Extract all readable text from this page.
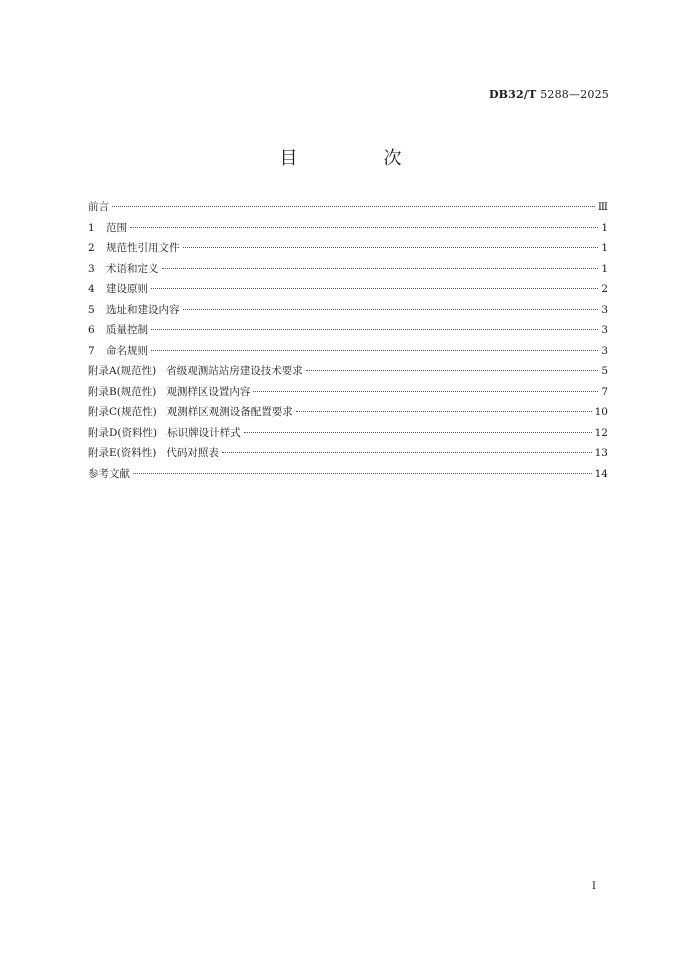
DB32/T 5288—2025
目　次
前言	Ⅲ
1 范围	1
2 规范性引用文件	1
3 术语和定义	1
4 建设原则	2
5 选址和建设内容	3
6 质量控制	3
7 命名规则	3
附录A(规范性) 省级观测站站房建设技术要求	5
附录B(规范性) 观测样区设置内容	7
附录C(规范性) 观测样区观测设备配置要求	10
附录D(资料性) 标识牌设计样式	12
附录E(资料性) 代码对照表	13
参考文献	14
Ⅰ
